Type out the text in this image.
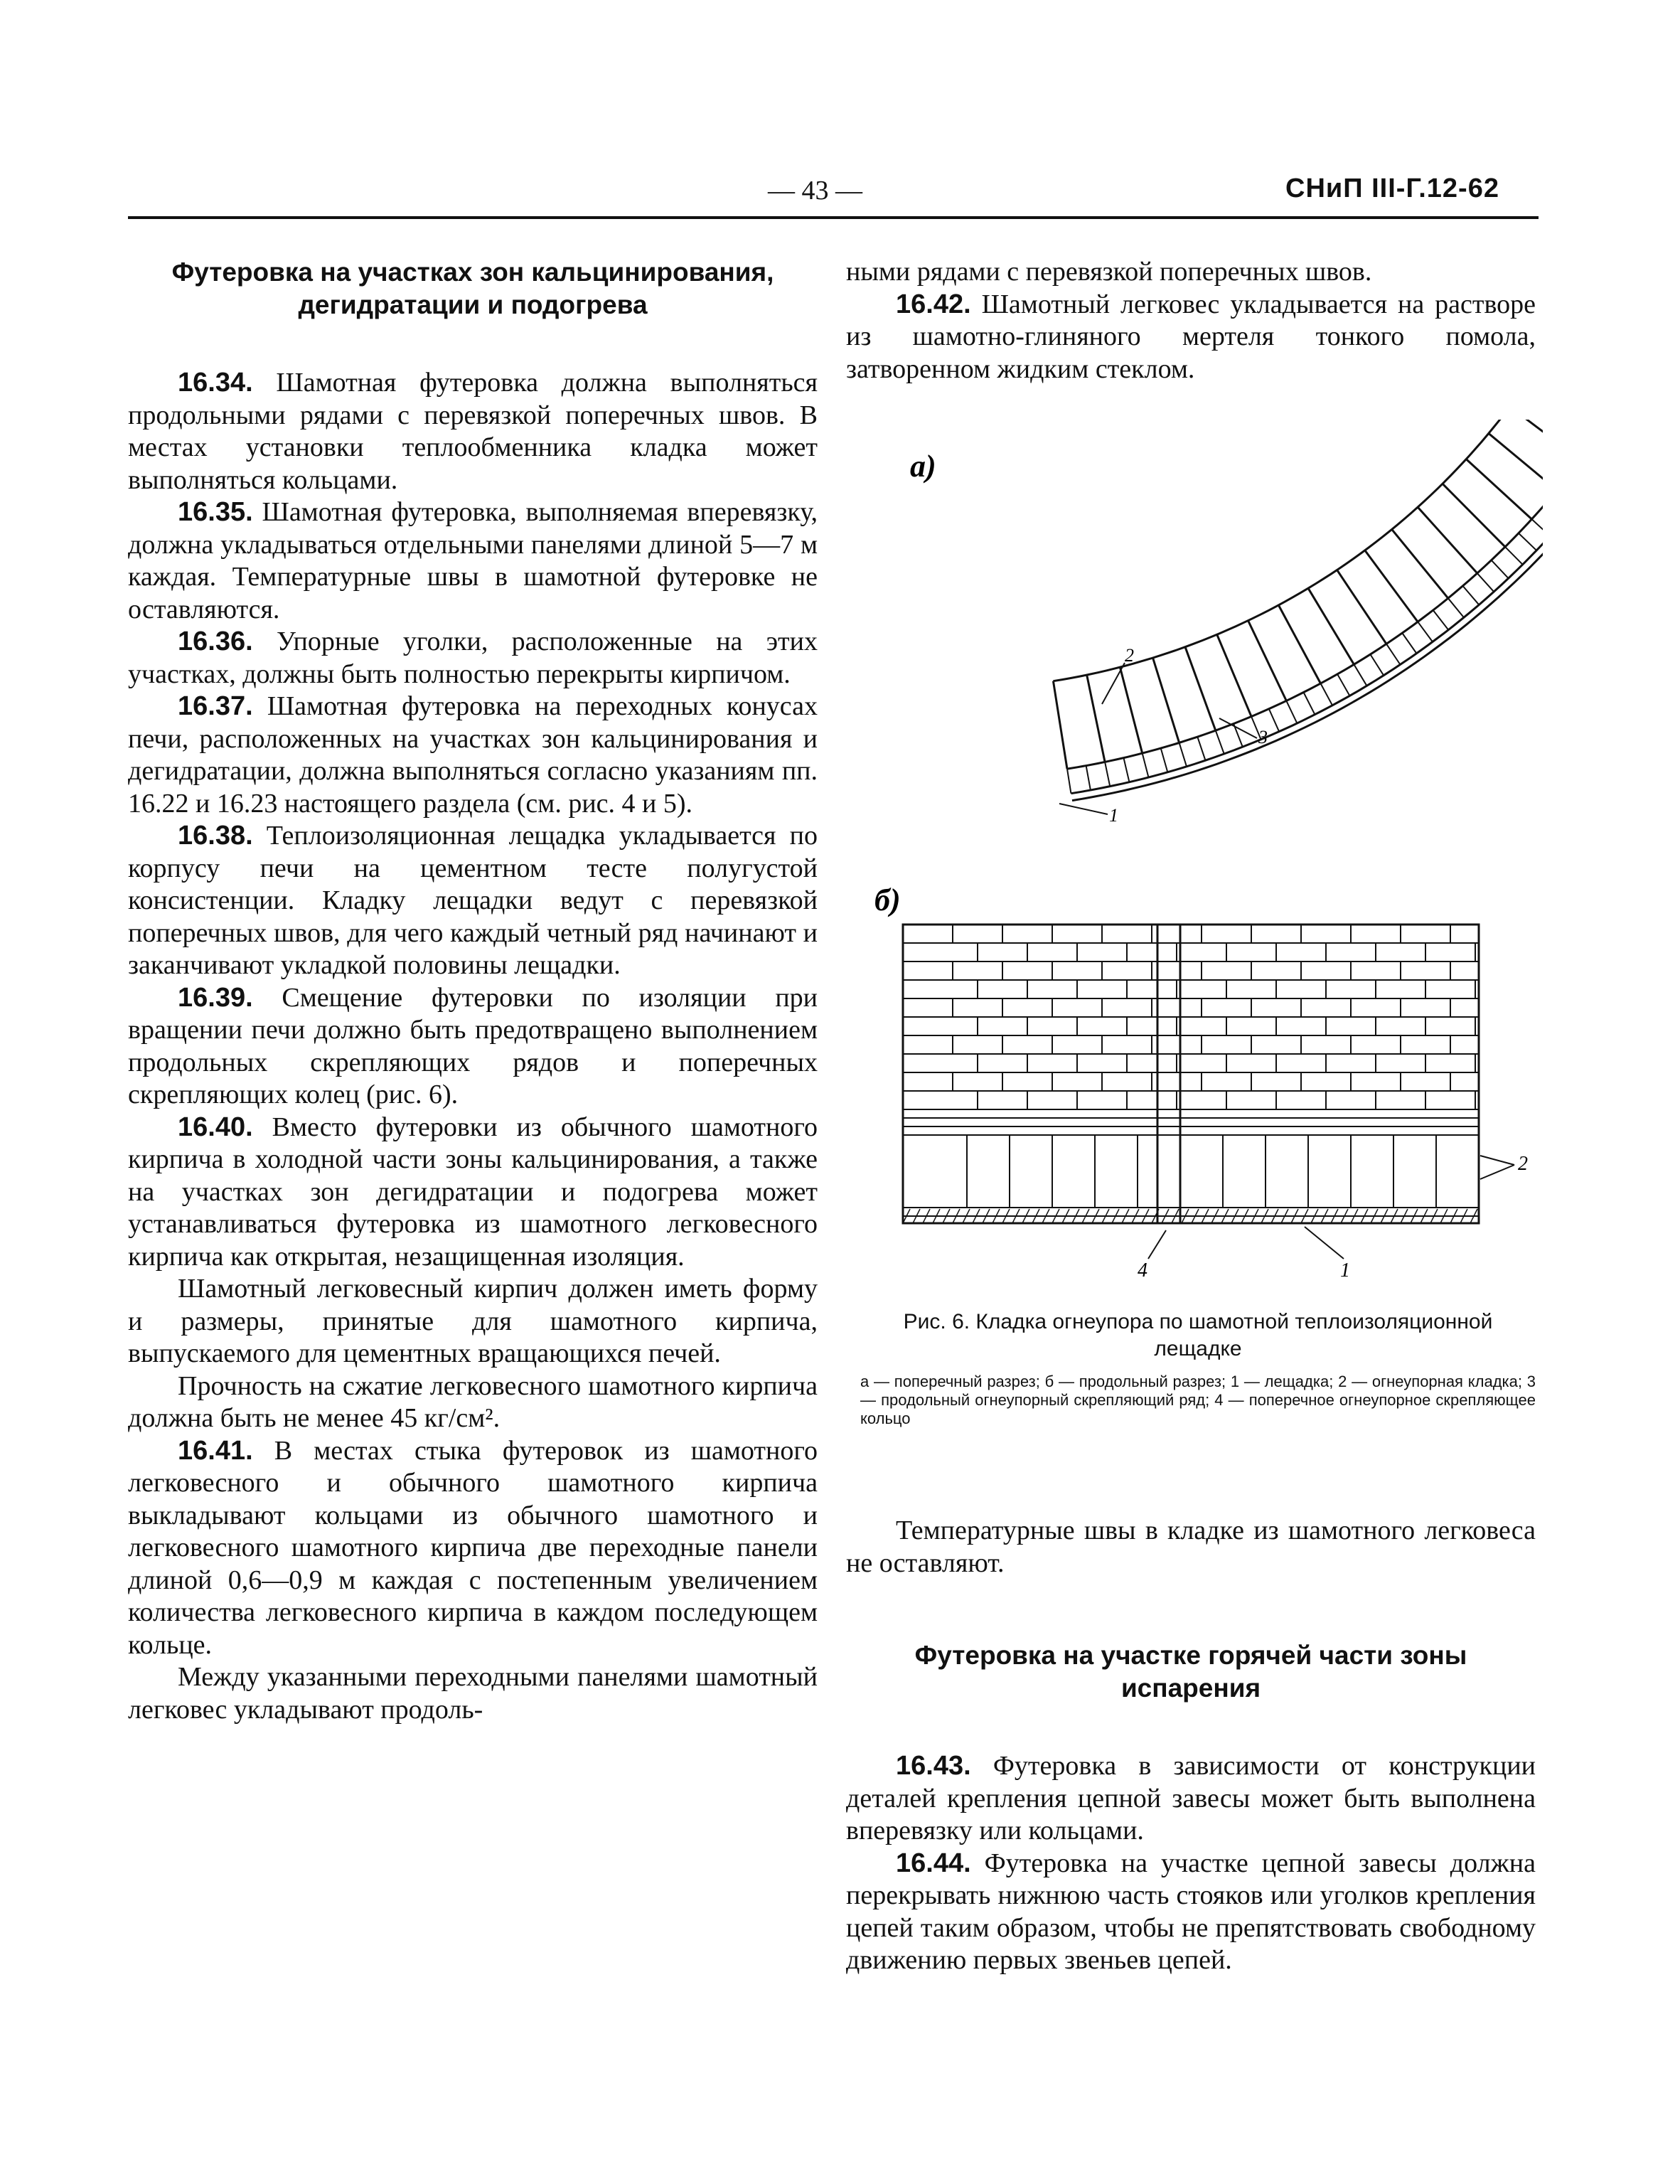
— 43 —	СНиП III-Г.12-62
Футеровка на участках зон кальцинирования, дегидратации и подогрева

16.34. Шамотная футеровка должна выполняться продольными рядами с перевязкой поперечных швов. В местах установки теплообменника кладка может выполняться кольцами.

16.35. Шамотная футеровка, выполняемая вперевязку, должна укладываться отдельными панелями длиной 5—7 м каждая. Температурные швы в шамотной футеровке не оставляются.

16.36. Упорные уголки, расположенные на этих участках, должны быть полностью перекрыты кирпичом.

16.37. Шамотная футеровка на переходных конусах печи, расположенных на участках зон кальцинирования и дегидратации, должна выполняться согласно указаниям пп. 16.22 и 16.23 настоящего раздела (см. рис. 4 и 5).

16.38. Теплоизоляционная лещадка укладывается по корпусу печи на цементном тесте полугустой консистенции. Кладку лещадки ведут с перевязкой поперечных швов, для чего каждый четный ряд начинают и заканчивают укладкой половины лещадки.

16.39. Смещение футеровки по изоляции при вращении печи должно быть предотвращено выполнением продольных скрепляющих рядов и поперечных скрепляющих колец (рис. 6).

16.40. Вместо футеровки из обычного шамотного кирпича в холодной части зоны кальцинирования, а также на участках зон дегидратации и подогрева может устанавливаться футеровка из шамотного легковесного кирпича как открытая, незащищенная изоляция.

Шамотный легковесный кирпич должен иметь форму и размеры, принятые для шамотного кирпича, выпускаемого для цементных вращающихся печей.

Прочность на сжатие легковесного шамотного кирпича должна быть не менее 45 кг/см².

16.41. В местах стыка футеровок из шамотного легковесного и обычного шамотного кирпича выкладывают кольцами из обычного шамотного и легковесного шамотного кирпича две переходные панели длиной 0,6—0,9 м каждая с постепенным увеличением количества легковесного кирпича в каждом последующем кольце.

Между указанными переходными панелями шамотный легковес укладывают продоль-

ными рядами с перевязкой поперечных швов.

16.42. Шамотный легковес укладывается на растворе из шамотно-глиняного мертеля тонкого помола, затворенном жидким стеклом.

а)
2
3
1
б)
2
1
4
Рис. 6. Кладка огнеупора по шамотной теплоизоляционной лещадке
а — поперечный разрез; б — продольный разрез; 1 — лещадка; 2 — огнеупорная кладка; 3 — продольный огнеупорный скрепляющий ряд; 4 — поперечное огнеупорное скрепляющее кольцо

Температурные швы в кладке из шамотного легковеса не оставляют.

Футеровка на участке горячей части зоны испарения

16.43. Футеровка в зависимости от конструкции деталей крепления цепной завесы может быть выполнена вперевязку или кольцами.

16.44. Футеровка на участке цепной завесы должна перекрывать нижнюю часть стояков или уголков крепления цепей таким образом, чтобы не препятствовать свободному движению первых звеньев цепей.
